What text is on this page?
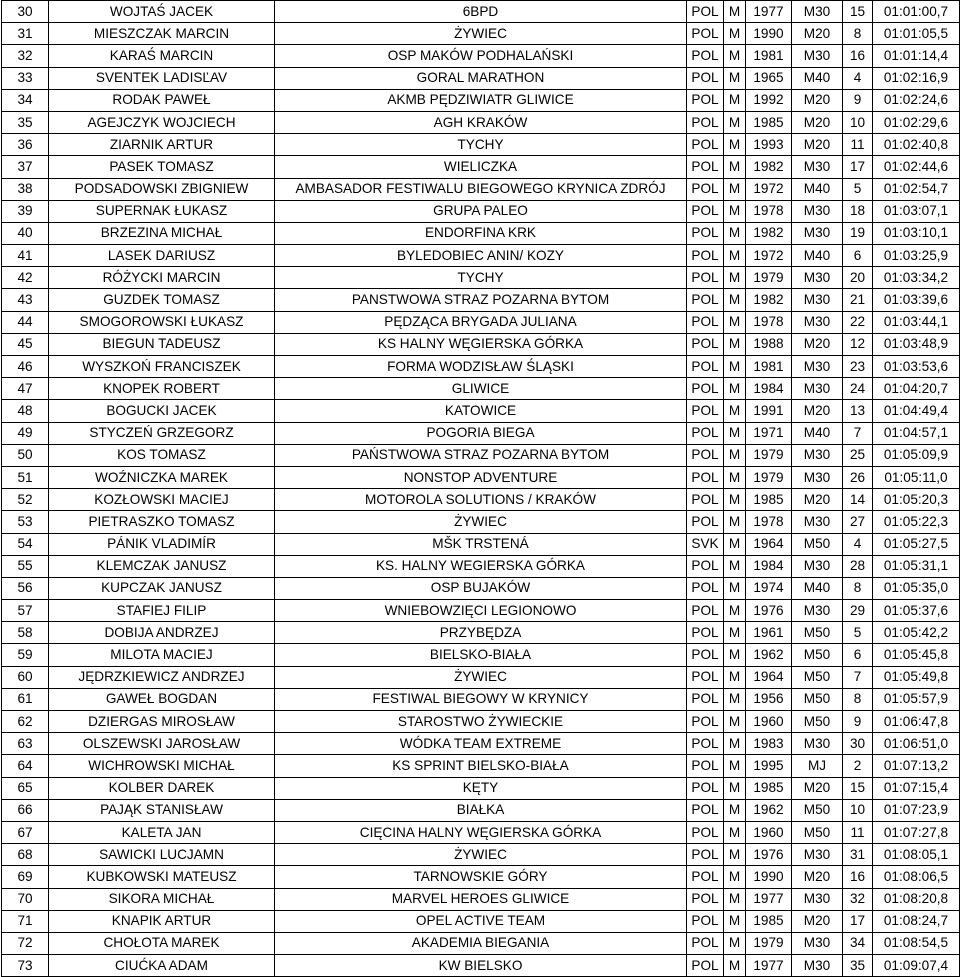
30	WOJTAŚ JACEK	6BPD	POL	M	1977	M30	15	01:01:00,7
31	MIESZCZAK MARCIN	ŻYWIEC	POL	M	1990	M20	8	01:01:05,5
32	KARAŚ MARCIN	OSP MAKÓW PODHALAŃSKI	POL	M	1981	M30	16	01:01:14,4
33	SVENTEK LADISĽAV	GORAL MARATHON	POL	M	1965	M40	4	01:02:16,9
34	RODAK PAWEŁ	AKMB PĘDZIWIATR GLIWICE	POL	M	1992	M20	9	01:02:24,6
35	AGEJCZYK WOJCIECH	AGH KRAKÓW	POL	M	1985	M20	10	01:02:29,6
36	ZIARNIK ARTUR	TYCHY	POL	M	1993	M20	11	01:02:40,8
37	PASEK TOMASZ	WIELICZKA	POL	M	1982	M30	17	01:02:44,6
38	PODSADOWSKI ZBIGNIEW	AMBASADOR FESTIWALU BIEGOWEGO KRYNICA ZDRÓJ	POL	M	1972	M40	5	01:02:54,7
39	SUPERNAK ŁUKASZ	GRUPA PALEO	POL	M	1978	M30	18	01:03:07,1
40	BRZEZINA MICHAŁ	ENDORFINA KRK	POL	M	1982	M30	19	01:03:10,1
41	LASEK DARIUSZ	BYLEDOBIEC ANIN/ KOZY	POL	M	1972	M40	6	01:03:25,9
42	RÓŻYCKI MARCIN	TYCHY	POL	M	1979	M30	20	01:03:34,2
43	GUZDEK TOMASZ	PANSTWOWA STRAZ POZARNA BYTOM	POL	M	1982	M30	21	01:03:39,6
44	SMOGOROWSKI ŁUKASZ	PĘDZĄCA BRYGADA JULIANA	POL	M	1978	M30	22	01:03:44,1
45	BIEGUN TADEUSZ	KS HALNY WĘGIERSKA GÓRKA	POL	M	1988	M20	12	01:03:48,9
46	WYSZKOŃ FRANCISZEK	FORMA WODZISŁAW ŚLĄSKI	POL	M	1981	M30	23	01:03:53,6
47	KNOPEK ROBERT	GLIWICE	POL	M	1984	M30	24	01:04:20,7
48	BOGUCKI JACEK	KATOWICE	POL	M	1991	M20	13	01:04:49,4
49	STYCZEŃ GRZEGORZ	POGORIA BIEGA	POL	M	1971	M40	7	01:04:57,1
50	KOS TOMASZ	PAŃSTWOWA STRAZ POZARNA BYTOM	POL	M	1979	M30	25	01:05:09,9
51	WOŹNICZKA MAREK	NONSTOP ADVENTURE	POL	M	1979	M30	26	01:05:11,0
52	KOZŁOWSKI MACIEJ	MOTOROLA SOLUTIONS / KRAKÓW	POL	M	1985	M20	14	01:05:20,3
53	PIETRASZKO TOMASZ	ŻYWIEC	POL	M	1978	M30	27	01:05:22,3
54	PÁNIK VLADIMÍR	MŠK TRSTENÁ	SVK	M	1964	M50	4	01:05:27,5
55	KLEMCZAK JANUSZ	KS. HALNY WEGIERSKA GÓRKA	POL	M	1984	M30	28	01:05:31,1
56	KUPCZAK JANUSZ	OSP BUJAKÓW	POL	M	1974	M40	8	01:05:35,0
57	STAFIEJ FILIP	WNIEBOWZIĘCI LEGIONOWO	POL	M	1976	M30	29	01:05:37,6
58	DOBIJA ANDRZEJ	PRZYBĘDZA	POL	M	1961	M50	5	01:05:42,2
59	MILOTA MACIEJ	BIELSKO-BIAŁA	POL	M	1962	M50	6	01:05:45,8
60	JĘDRZKIEWICZ ANDRZEJ	ŻYWIEC	POL	M	1964	M50	7	01:05:49,8
61	GAWEŁ BOGDAN	FESTIWAL BIEGOWY W KRYNICY	POL	M	1956	M50	8	01:05:57,9
62	DZIERGAS MIROSŁAW	STAROSTWO ŻYWIECKIE	POL	M	1960	M50	9	01:06:47,8
63	OLSZEWSKI JAROSŁAW	WÓDKA TEAM EXTREME	POL	M	1983	M30	30	01:06:51,0
64	WICHROWSKI MICHAŁ	KS SPRINT BIELSKO-BIAŁA	POL	M	1995	MJ	2	01:07:13,2
65	KOLBER DAREK	KĘTY	POL	M	1985	M20	15	01:07:15,4
66	PAJĄK STANISŁAW	BIAŁKA	POL	M	1962	M50	10	01:07:23,9
67	KALETA JAN	CIĘCINA HALNY WĘGIERSKA GÓRKA	POL	M	1960	M50	11	01:07:27,8
68	SAWICKI LUCJAMN	ŻYWIEC	POL	M	1976	M30	31	01:08:05,1
69	KUBKOWSKI MATEUSZ	TARNOWSKIE GÓRY	POL	M	1990	M20	16	01:08:06,5
70	SIKORA MICHAŁ	MARVEL HEROES GLIWICE	POL	M	1977	M30	32	01:08:20,8
71	KNAPIK ARTUR	OPEL ACTIVE TEAM	POL	M	1985	M20	17	01:08:24,7
72	CHOŁOTA MAREK	AKADEMIA BIEGANIA	POL	M	1979	M30	34	01:08:54,5
73	CIUĆKA ADAM	KW BIELSKO	POL	M	1977	M30	35	01:09:07,4
